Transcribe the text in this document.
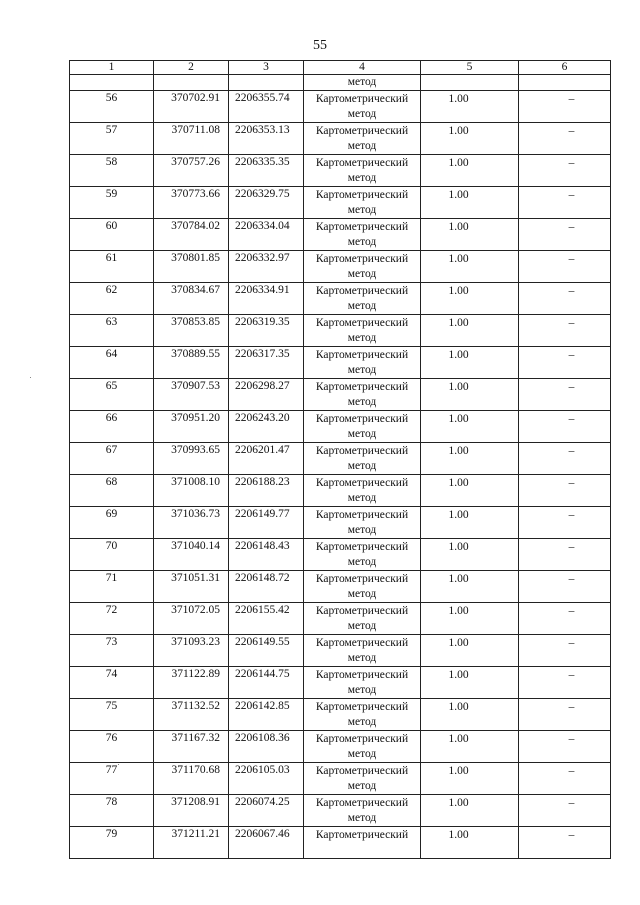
55
1	2	3	4	5	6
			метод		
56	370702.91	2206355.74	Картометрический
метод	1.00	–

57	370711.08	2206353.13	Картометрический
метод	1.00	–

58	370757.26	2206335.35	Картометрический
метод	1.00	–

59	370773.66	2206329.75	Картометрический
метод	1.00	–

60	370784.02	2206334.04	Картометрический
метод	1.00	–

61	370801.85	2206332.97	Картометрический
метод	1.00	–

62	370834.67	2206334.91	Картометрический
метод	1.00	–

63	370853.85	2206319.35	Картометрический
метод	1.00	–

64	370889.55	2206317.35	Картометрический
метод	1.00	–

65	370907.53	2206298.27	Картометрический
метод	1.00	–

66	370951.20	2206243.20	Картометрический
метод	1.00	–

67	370993.65	2206201.47	Картометрический
метод	1.00	–

68	371008.10	2206188.23	Картометрический
метод	1.00	–

69	371036.73	2206149.77	Картометрический
метод	1.00	–

70	371040.14	2206148.43	Картометрический
метод	1.00	–

71	371051.31	2206148.72	Картометрический
метод	1.00	–

72	371072.05	2206155.42	Картометрический
метод	1.00	–

73	371093.23	2206149.55	Картометрический
метод	1.00	–

74	371122.89	2206144.75	Картометрический
метод	1.00	–

75	371132.52	2206142.85	Картометрический
метод	1.00	–

76	371167.32	2206108.36	Картометрический
метод	1.00	–

77	371170.68	2206105.03	Картометрический
метод	1.00	–

78	371208.91	2206074.25	Картометрический
метод	1.00	–

79	371211.21	2206067.46	Картометрический	1.00	–
